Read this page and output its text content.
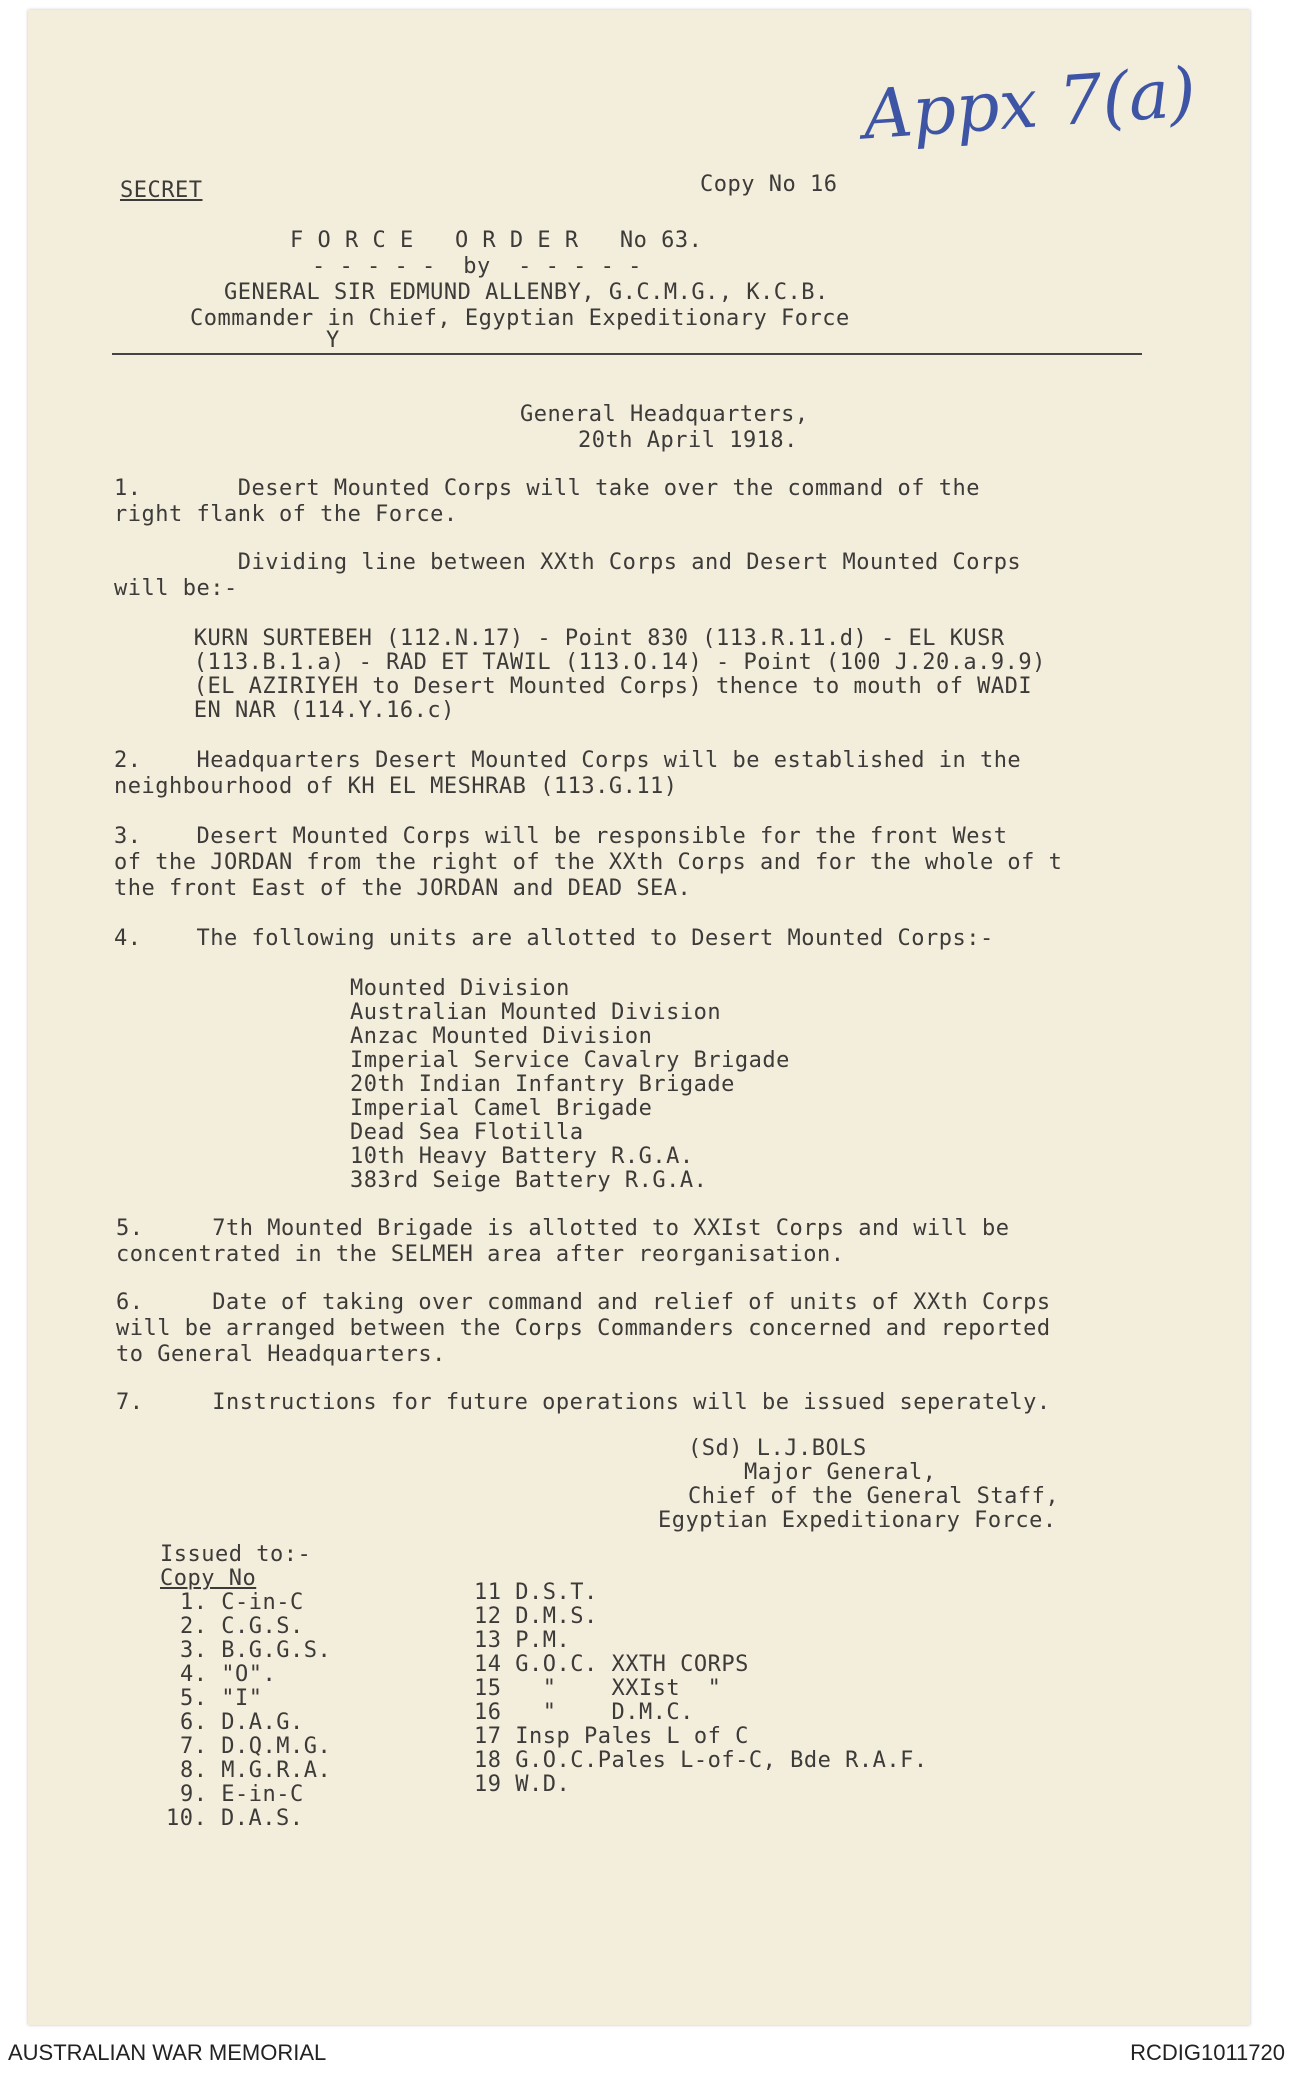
Appx 7(a)
SECRET	Copy No 16
F O R C E   O R D E R   No 63.
- - - - -  by  - - - - -
GENERAL SIR EDMUND ALLENBY, G.C.M.G., K.C.B.
Commander in Chief, Egyptian Expeditionary Force
Y
General Headquarters,
20th April 1918.
1.       Desert Mounted Corps will take over the command of the
right flank of the Force.
Dividing line between XXth Corps and Desert Mounted Corps
will be:-
KURN SURTEBEH (112.N.17) - Point 830 (113.R.11.d) - EL KUSR
(113.B.1.a) - RAD ET TAWIL (113.O.14) - Point (100 J.20.a.9.9)
(EL AZIRIYEH to Desert Mounted Corps) thence to mouth of WADI
EN NAR (114.Y.16.c)
2.    Headquarters Desert Mounted Corps will be established in the
neighbourhood of KH EL MESHRAB (113.G.11)
3.    Desert Mounted Corps will be responsible for the front West
of the JORDAN from the right of the XXth Corps and for the whole of t
the front East of the JORDAN and DEAD SEA.
4.    The following units are allotted to Desert Mounted Corps:-
Mounted Division
Australian Mounted Division
Anzac Mounted Division
Imperial Service Cavalry Brigade
20th Indian Infantry Brigade
Imperial Camel Brigade
Dead Sea Flotilla
10th Heavy Battery R.G.A.
383rd Seige Battery R.G.A.
5.     7th Mounted Brigade is allotted to XXIst Corps and will be
concentrated in the SELMEH area after reorganisation.
6.     Date of taking over command and relief of units of XXth Corps
will be arranged between the Corps Commanders concerned and reported
to General Headquarters.
7.     Instructions for future operations will be issued seperately.
(Sd) L.J.BOLS
Major General,
Chief of the General Staff,
Egyptian Expeditionary Force.
Issued to:-
Copy No
1. C-in-C
2. C.G.S.
3. B.G.G.S.
4. "O".
5. "I"
6. D.A.G.
7. D.Q.M.G.
8. M.G.R.A.
9. E-in-C
10. D.A.S.
11 D.S.T.
12 D.M.S.
13 P.M.
14 G.O.C. XXTH CORPS
15   "    XXIst  "
16   "    D.M.C.
17 Insp Pales L of C
18 G.O.C.Pales L-of-C, Bde R.A.F.
19 W.D.
AUSTRALIAN WAR MEMORIAL	RCDIG1011720
